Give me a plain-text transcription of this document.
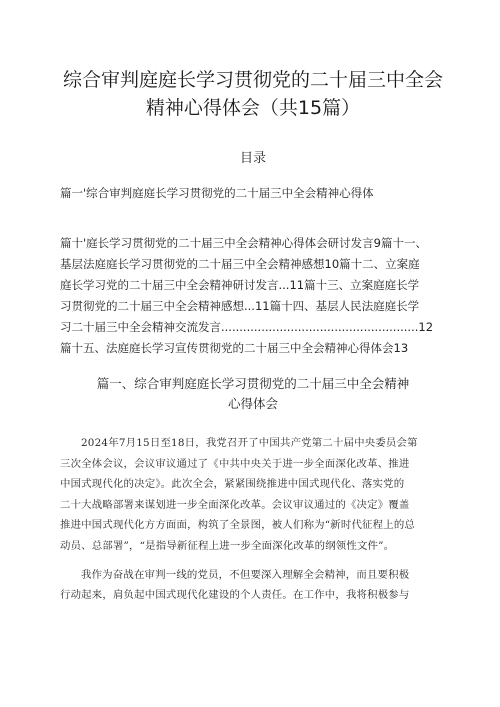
综合审判庭庭长学习贯彻党的二十届三中全会
精神心得体会（共15篇）
目录
篇一'综合审判庭庭长学习贯彻党的二十届三中全会精神心得体
篇十'庭长学习贯彻党的二十届三中全会精神心得体会研讨发言9篇十一、
基层法庭庭长学习贯彻党的二十届三中全会精神感想10篇十二、立案庭
庭长学习党的二十届三中全会精神研讨发言...11篇十三、立案庭庭长学
习贯彻党的二十届三中全会精神感想...11篇十四、基层人民法庭庭长学
习二十届三中全会精神交流发言......................................................12
篇十五、法庭庭长学习宣传贯彻党的二十届三中全会精神心得体会13
篇一、综合审判庭庭长学习贯彻党的二十届三中全会精神
心得体会
2024年7月15日至18日，我党召开了中国共产党第二十届中央委员会第
三次全体会议，会议审议通过了《中共中央关于进一步全面深化改革、推进
中国式现代化的决定》。此次全会，紧紧围绕推进中国式现代化、落实党的
二十大战略部署来谋划进一步全面深化改革。会议审议通过的《决定》覆盖
推进中国式现代化方方面面，构筑了全景图，被人们称为“新时代征程上的总
动员、总部署”，“是指导新征程上进一步全面深化改革的纲领性文件”。
我作为奋战在审判一线的党员，不但要深入理解全会精神，而且要积极
行动起来，肩负起中国式现代化建设的个人责任。在工作中，我将积极参与
